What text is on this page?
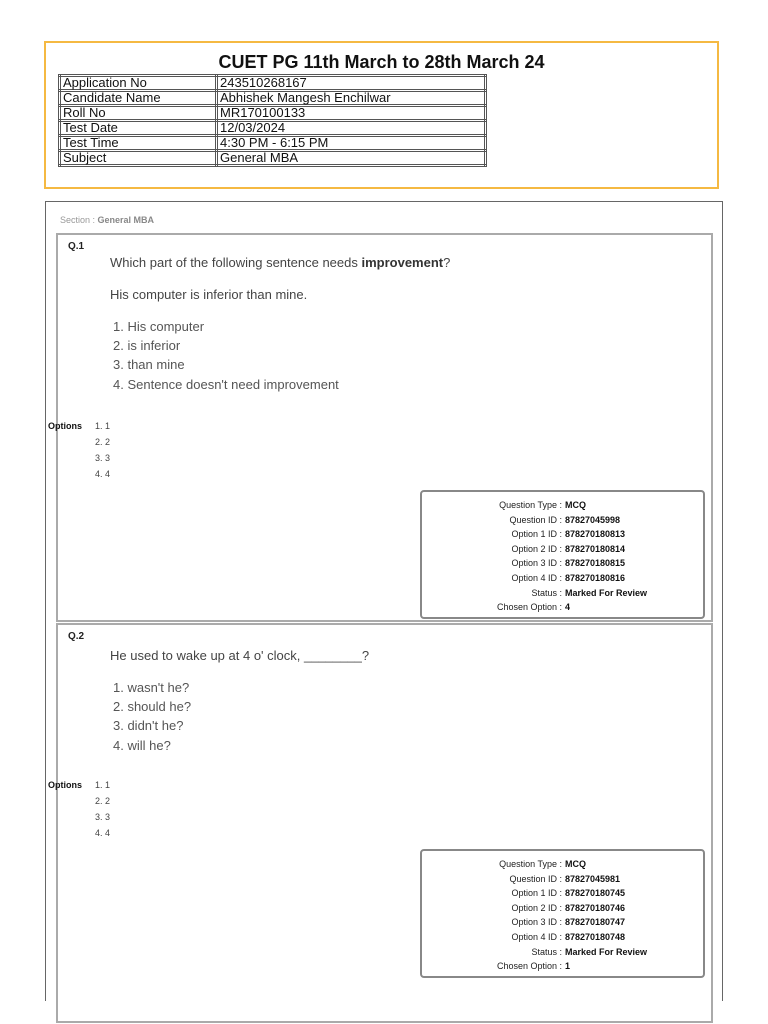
CUET PG 11th March to 28th March 24
Application No	243510268167
Candidate Name	Abhishek Mangesh Enchilwar
Roll No	MR170100133
Test Date	12/03/2024
Test Time	4:30 PM - 6:15 PM
Subject	General MBA
Section : General MBA
Q.1
Which part of the following sentence needs improvement?
His computer is inferior than mine.
1. His computer
2. is inferior
3. than mine
4. Sentence doesn't need improvement
Options 1. 1
2. 2
3. 3
4. 4
Question Type : MCQ
Question ID : 87827045998
Option 1 ID : 878270180813
Option 2 ID : 878270180814
Option 3 ID : 878270180815
Option 4 ID : 878270180816
Status : Marked For Review
Chosen Option : 4
Q.2
He used to wake up at 4 o' clock, ________?
1. wasn't he?
2. should he?
3. didn't he?
4. will he?
Options 1. 1
2. 2
3. 3
4. 4
Question Type : MCQ
Question ID : 87827045981
Option 1 ID : 878270180745
Option 2 ID : 878270180746
Option 3 ID : 878270180747
Option 4 ID : 878270180748
Status : Marked For Review
Chosen Option : 1
